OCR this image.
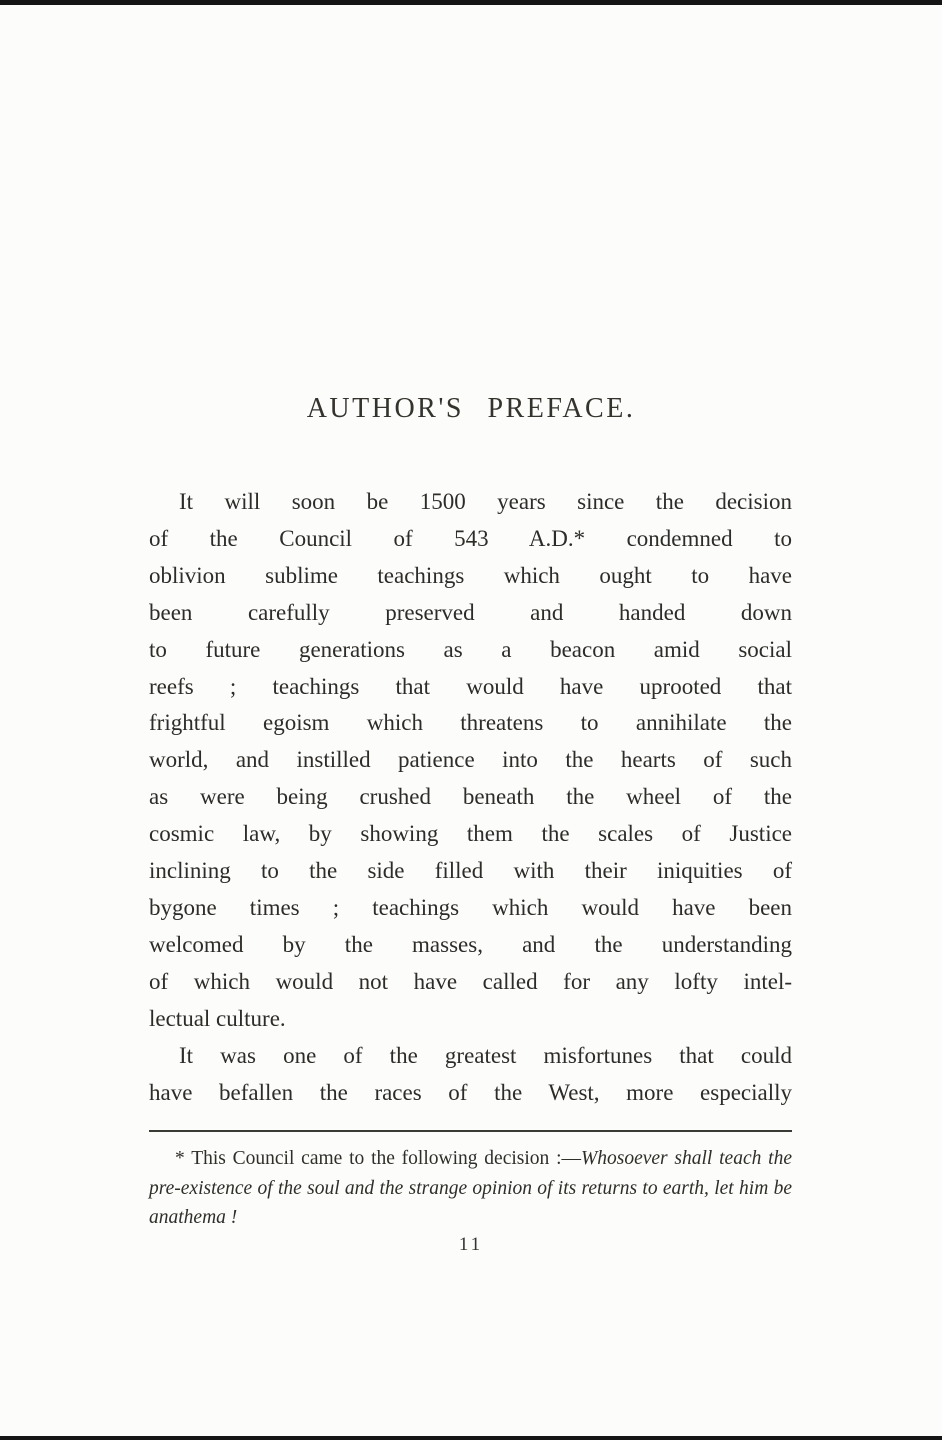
AUTHOR'S PREFACE.
It will soon be 1500 years since the decision
of the Council of 543 A.D.* condemned to
oblivion sublime teachings which ought to have
been carefully preserved and handed down
to future generations as a beacon amid social
reefs ; teachings that would have uprooted that
frightful egoism which threatens to annihilate the
world, and instilled patience into the hearts of such
as were being crushed beneath the wheel of the
cosmic law, by showing them the scales of Justice
inclining to the side filled with their iniquities of
bygone times ; teachings which would have been
welcomed by the masses, and the understanding
of which would not have called for any lofty intel-
lectual culture.
It was one of the greatest misfortunes that could
have befallen the races of the West, more especially

* This Council came to the following decision :—Whosoever shall teach the pre-existence of the soul and the strange opinion of its returns to earth, let him be anathema !

11
